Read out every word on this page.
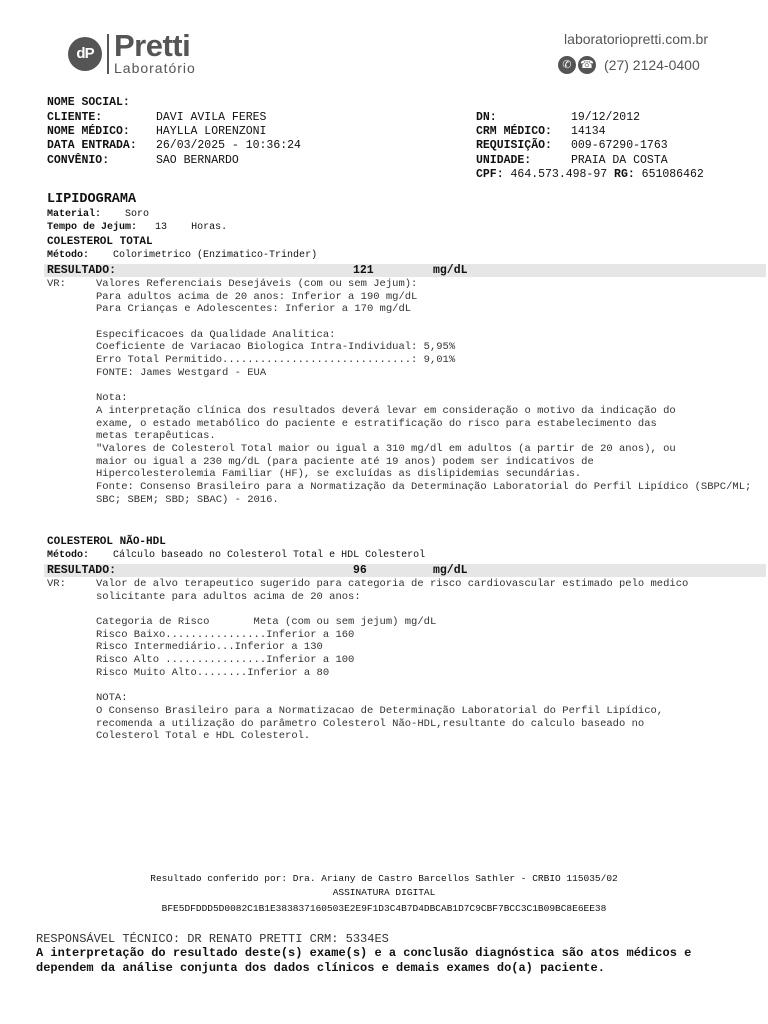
dP Pretti
Laboratório
laboratoriopretti.com.br
✆ ☎ (27) 2124-0400
NOME SOCIAL:
CLIENTE:	DAVI AVILA FERES
NOME MÉDICO: HAYLLA LORENZONI
DATA ENTRADA: 26/03/2025 - 10:36:24
CONVÊNIO:	SAO BERNARDO
DN:	19/12/2012
CRM MÉDICO: 14134
REQUISIÇÃO: 009-67290-1763
UNIDADE:	PRAIA DA COSTA
CPF: 464.573.498-97 RG: 651086462
LIPIDOGRAMA
Material: Soro
Tempo de Jejum: 13 Horas.
COLESTEROL TOTAL
Método: Colorimetrico (Enzimatico-Trinder)
RESULTADO:	121	mg/dL
VR:	Valores Referenciais Desejáveis (com ou sem Jejum):
Para adultos acima de 20 anos: Inferior a 190 mg/dL
Para Crianças e Adolescentes: Inferior a 170 mg/dL
Especificacoes da Qualidade Analitica:
Coeficiente de Variacao Biologica Intra-Individual: 5,95%
Erro Total Permitido..............................: 9,01%
FONTE: James Westgard - EUA
Nota:
A interpretação clínica dos resultados deverá levar em consideração o motivo da indicação do
exame, o estado metabólico do paciente e estratificação do risco para estabelecimento das
metas terapêuticas.
"Valores de Colesterol Total maior ou igual a 310 mg/dl em adultos (a partir de 20 anos), ou
maior ou igual a 230 mg/dL (para paciente até 19 anos) podem ser indicativos de
Hipercolesterolemia Familiar (HF), se excluídas as dislipidemias secundárias.
Fonte: Consenso Brasileiro para a Normatização da Determinação Laboratorial do Perfil Lipídico (SBPC/ML;
SBC; SBEM; SBD; SBAC) - 2016.
COLESTEROL NÃO-HDL
Método: Cálculo baseado no Colesterol Total e HDL Colesterol
RESULTADO:	96	mg/dL
VR:	Valor de alvo terapeutico sugerido para categoria de risco cardiovascular estimado pelo medico
solicitante para adultos acima de 20 anos:
Categoria de Risco       Meta (com ou sem jejum) mg/dL
Risco Baixo................Inferior a 160
Risco Intermediário...Inferior a 130
Risco Alto ................Inferior a 100
Risco Muito Alto........Inferior a 80
NOTA:
O Consenso Brasileiro para a Normatizacao de Determinação Laboratorial do Perfil Lipídico,
recomenda a utilização do parâmetro Colesterol Não-HDL,resultante do calculo baseado no
Colesterol Total e HDL Colesterol.
Resultado conferido por: Dra. Ariany de Castro Barcellos Sathler - CRBIO 115035/02
ASSINATURA DIGITAL
BFE5DFDDD5D0082C1B1E383837160503E2E9F1D3C4B7D4DBCAB1D7C9CBF7BCC3C1B09BC8E6EE38
RESPONSÁVEL TÉCNICO: DR RENATO PRETTI CRM: 5334ES
A interpretação do resultado deste(s) exame(s) e a conclusão diagnóstica são atos médicos e
dependem da análise conjunta dos dados clínicos e demais exames do(a) paciente.
